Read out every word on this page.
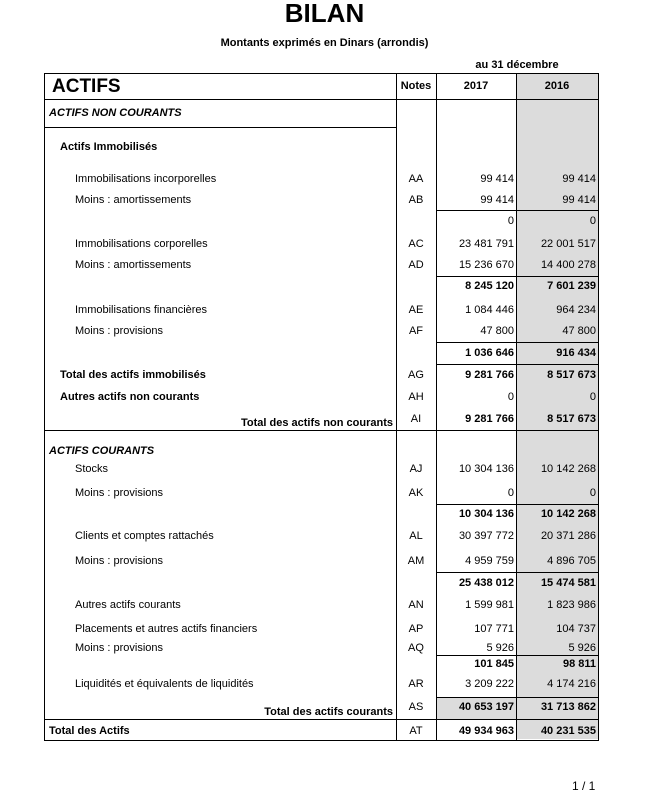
BILAN
Montants exprimés en Dinars (arrondis)
au 31 décembre
ACTIFS	Notes	2017	2016
ACTIFS NON COURANTS
Actifs Immobilisés
Immobilisations incorporelles	AA	99 414	99 414
Moins : amortissements	AB	99 414	99 414
0	0
Immobilisations corporelles	AC	23 481 791	22 001 517
Moins : amortissements	AD	15 236 670	14 400 278
8 245 120	7 601 239
Immobilisations financières	AE	1 084 446	964 234
Moins : provisions	AF	47 800	47 800
1 036 646	916 434
Total des actifs immobilisés	AG	9 281 766	8 517 673
Autres actifs non courants	AH	0	0
Total des actifs non courants	AI	9 281 766	8 517 673
ACTIFS COURANTS
Stocks	AJ	10 304 136	10 142 268
Moins : provisions	AK	0	0
10 304 136	10 142 268
Clients et comptes rattachés	AL	30 397 772	20 371 286
Moins : provisions	AM	4 959 759	4 896 705
25 438 012	15 474 581
Autres actifs courants	AN	1 599 981	1 823 986
Placements et autres actifs financiers	AP	107 771	104 737
Moins : provisions	AQ	5 926	5 926
101 845	98 811
Liquidités et équivalents de liquidités	AR	3 209 222	4 174 216
Total des actifs courants	AS	40 653 197	31 713 862
Total des Actifs	AT	49 934 963	40 231 535
1 / 1
